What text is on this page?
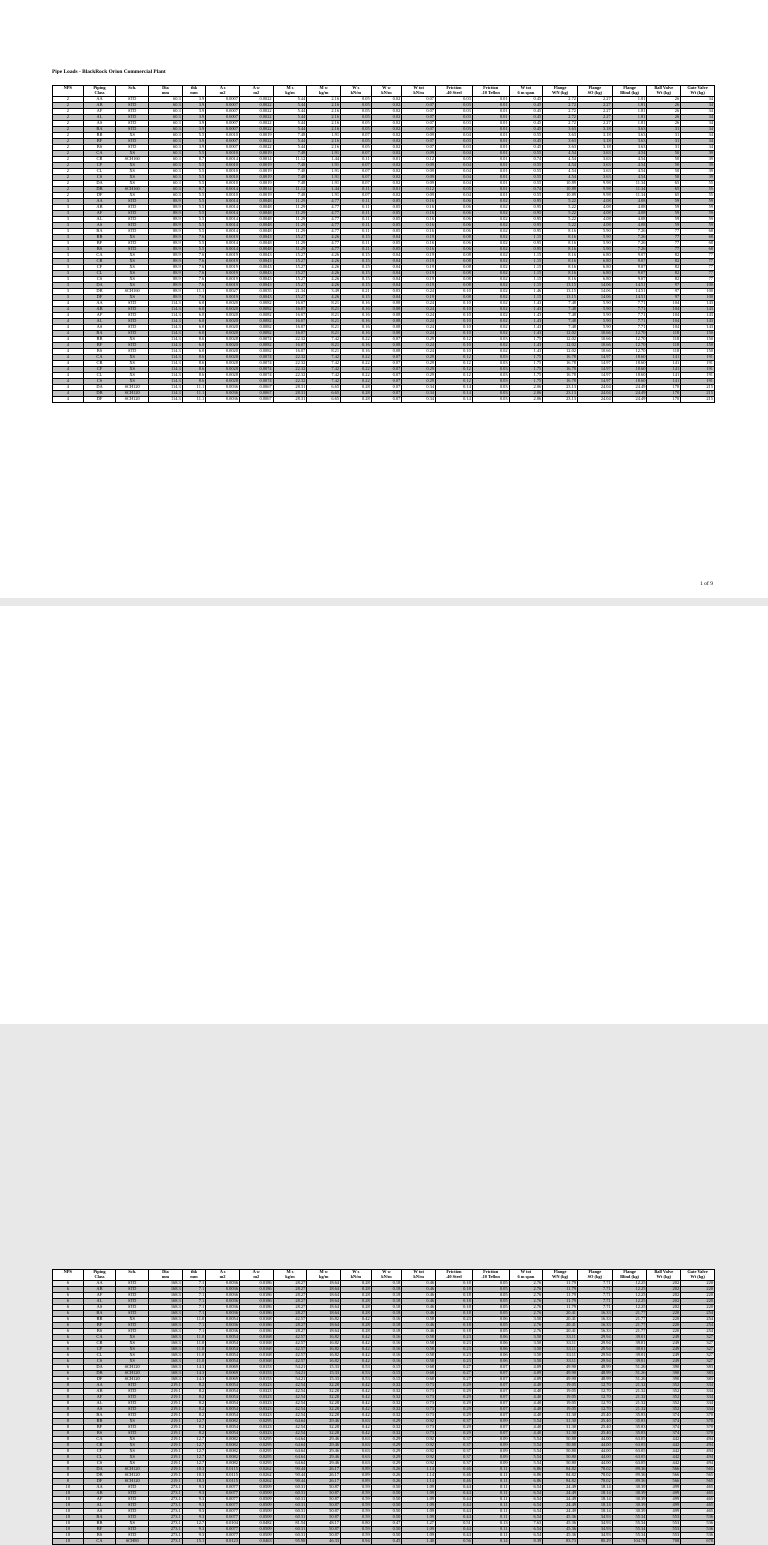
Pipe Loads - BlackRock Orion Commercial Plant
NPS	Piping	Sch.	Dia	thk	A s	A w	M s	M w	W s	W w	W tot	Friction	Friction	W tot	Flange	Flange	Flange	Ball Valve	Gate Valve
	Class		mm	mm	m2	m2	kg/m	kg/m	kN/m	kN/m	kN/m	.40 Steel	.10 Teflon	6 m span	WN (kg)	SO (kg)	Blind (kg)	Wt (kg)	Wt (kg)
2	AA	STD	60.3	3.9	0.0007	0.0022	5.44	2.16	0.05	0.02	0.07	0.03	0.01	0.45	2.72	2.27	1.81	26	34
2	AB	STD	60.3	3.9	0.0007	0.0022	5.44	2.16	0.05	0.02	0.07	0.03	0.01	0.45	2.72	2.27	1.81	26	34
2	AF	STD	60.3	3.9	0.0007	0.0022	5.44	2.16	0.05	0.02	0.07	0.03	0.01	0.45	2.72	2.27	1.81	26	34
2	AL	STD	60.3	3.9	0.0007	0.0022	5.44	2.16	0.05	0.02	0.07	0.03	0.01	0.45	2.72	2.27	1.81	26	34
2	AS	STD	60.3	3.9	0.0007	0.0022	5.44	2.16	0.05	0.02	0.07	0.03	0.01	0.45	2.72	2.27	1.81	26	34
2	BA	STD	60.3	3.9	0.0007	0.0022	5.44	2.16	0.05	0.02	0.07	0.03	0.01	0.45	3.63	3.18	3.63	31	34
2	BB	XS	60.3	5.5	0.0010	0.0019	7.48	1.91	0.07	0.02	0.09	0.04	0.01	0.55	3.63	3.18	3.63	31	34
2	BF	STD	60.3	3.9	0.0007	0.0022	5.44	2.16	0.05	0.02	0.07	0.03	0.01	0.45	3.63	3.18	3.63	31	34
2	BS	STD	60.3	3.9	0.0007	0.0022	5.44	2.16	0.05	0.02	0.07	0.03	0.01	0.45	3.63	3.18	3.63	31	34
2	CA	XS	60.3	5.5	0.0010	0.0019	7.48	1.91	0.07	0.02	0.09	0.04	0.01	0.55	4.54	3.63	4.54	50	39
2	CB	SCH160	60.3	8.7	0.0014	0.0014	11.12	1.44	0.11	0.01	0.12	0.05	0.01	0.74	4.54	3.63	4.54	50	39
2	CF	XS	60.3	5.5	0.0010	0.0019	7.48	1.91	0.07	0.02	0.09	0.04	0.01	0.55	4.54	3.63	4.54	50	39
2	CL	XS	60.3	5.5	0.0010	0.0019	7.48	1.91	0.07	0.02	0.09	0.04	0.01	0.55	4.54	3.63	4.54	50	39
2	CS	XS	60.3	5.5	0.0010	0.0019	7.48	1.91	0.07	0.02	0.09	0.04	0.01	0.55	4.54	3.63	4.54	50	39
2	DA	XS	60.3	5.5	0.0010	0.0019	7.48	1.91	0.07	0.02	0.09	0.04	0.01	0.55	10.89	9.98	11.34	65	55
2	DB	SCH160	60.3	8.7	0.0014	0.0014	11.12	1.44	0.11	0.01	0.12	0.05	0.01	0.74	10.89	9.98	11.34	65	55
2	DF	XS	60.3	5.5	0.0010	0.0019	7.48	1.91	0.07	0.02	0.09	0.04	0.01	0.55	10.89	9.98	11.34	65	55
3	AA	STD	88.9	5.5	0.0014	0.0048	11.29	4.77	0.11	0.05	0.16	0.06	0.02	0.95	5.22	4.08	4.08	59	59
3	AB	STD	88.9	5.5	0.0014	0.0048	11.29	4.77	0.11	0.05	0.16	0.06	0.02	0.95	5.22	4.08	4.08	59	59
3	AF	STD	88.9	5.5	0.0014	0.0048	11.29	4.77	0.11	0.05	0.16	0.06	0.02	0.95	5.22	4.08	4.08	59	59
3	AL	STD	88.9	5.5	0.0014	0.0048	11.29	4.77	0.11	0.05	0.16	0.06	0.02	0.95	5.22	4.08	4.08	59	59
3	AS	STD	88.9	5.5	0.0014	0.0048	11.29	4.77	0.11	0.05	0.16	0.06	0.02	0.95	5.22	4.08	4.08	59	59
3	BA	STD	88.9	5.5	0.0014	0.0048	11.29	4.77	0.11	0.05	0.16	0.06	0.02	0.95	8.16	5.90	7.26	77	68
3	BB	XS	88.9	7.6	0.0019	0.0043	15.27	4.26	0.15	0.04	0.19	0.08	0.02	1.15	8.16	5.90	7.26	77	68
3	BF	STD	88.9	5.5	0.0014	0.0048	11.29	4.77	0.11	0.05	0.16	0.06	0.02	0.95	8.16	5.90	7.26	77	68
3	BS	STD	88.9	5.5	0.0014	0.0048	11.29	4.77	0.11	0.05	0.16	0.06	0.02	0.95	8.16	5.90	7.26	77	68
3	CA	XS	88.9	7.6	0.0019	0.0043	15.27	4.26	0.15	0.04	0.19	0.08	0.02	1.15	8.16	6.80	9.07	82	77
3	CB	XS	88.9	7.6	0.0019	0.0043	15.27	4.26	0.15	0.04	0.19	0.08	0.02	1.15	8.16	6.80	9.07	82	77
3	CF	XS	88.9	7.6	0.0019	0.0043	15.27	4.26	0.15	0.04	0.19	0.08	0.02	1.15	8.16	6.80	9.07	82	77
3	CL	XS	88.9	7.6	0.0019	0.0043	15.27	4.26	0.15	0.04	0.19	0.08	0.02	1.15	8.16	6.80	9.07	82	77
3	CS	XS	88.9	7.6	0.0019	0.0043	15.27	4.26	0.15	0.04	0.19	0.08	0.02	1.15	8.16	6.80	9.07	82	77
3	DA	XS	88.9	7.6	0.0019	0.0043	15.27	4.26	0.15	0.04	0.19	0.08	0.02	1.15	13.15	14.06	14.51	97	100
3	DB	SCH160	88.9	11.1	0.0027	0.0035	21.34	3.49	0.21	0.03	0.24	0.10	0.02	1.46	13.15	14.06	14.51	97	100
3	DF	XS	88.9	7.6	0.0019	0.0043	15.27	4.26	0.15	0.04	0.19	0.08	0.02	1.15	13.15	14.06	14.51	97	100
4	AA	STD	114.3	6.0	0.0020	0.0082	16.07	8.21	0.16	0.08	0.24	0.10	0.02	1.43	7.48	5.90	7.71	104	143
4	AB	STD	114.3	6.0	0.0020	0.0082	16.07	8.21	0.16	0.08	0.24	0.10	0.02	1.43	7.48	5.90	7.71	104	143
4	AF	STD	114.3	6.0	0.0020	0.0082	16.07	8.21	0.16	0.08	0.24	0.10	0.02	1.43	7.48	5.90	7.71	104	143
4	AL	STD	114.3	6.0	0.0020	0.0082	16.07	8.21	0.16	0.08	0.24	0.10	0.02	1.43	7.48	5.90	7.71	104	143
4	AS	STD	114.3	6.0	0.0020	0.0082	16.07	8.21	0.16	0.08	0.24	0.10	0.02	1.43	7.48	5.90	7.71	104	143
4	BA	STD	114.3	6.0	0.0020	0.0082	16.07	8.21	0.16	0.08	0.24	0.10	0.02	1.43	12.02	10.66	12.70	118	150
4	BB	XS	114.3	8.6	0.0028	0.0074	22.32	7.42	0.22	0.07	0.29	0.12	0.03	1.75	12.02	10.66	12.70	118	150
4	BF	STD	114.3	6.0	0.0020	0.0082	16.07	8.21	0.16	0.08	0.24	0.10	0.02	1.43	12.02	10.66	12.70	118	150
4	BS	STD	114.3	6.0	0.0020	0.0082	16.07	8.21	0.16	0.08	0.24	0.10	0.02	1.43	12.02	10.66	12.70	118	150
4	CA	XS	114.3	8.6	0.0028	0.0074	22.32	7.42	0.22	0.07	0.29	0.12	0.03	1.75	16.78	14.97	18.60	141	191
4	CB	XS	114.3	8.6	0.0028	0.0074	22.32	7.42	0.22	0.07	0.29	0.12	0.03	1.75	16.78	14.97	18.60	141	191
4	CF	XS	114.3	8.6	0.0028	0.0074	22.32	7.42	0.22	0.07	0.29	0.12	0.03	1.75	16.78	14.97	18.60	141	191
4	CL	XS	114.3	8.6	0.0028	0.0074	22.32	7.42	0.22	0.07	0.29	0.12	0.03	1.75	16.78	14.97	18.60	141	191
4	CS	XS	114.3	8.6	0.0028	0.0074	22.32	7.42	0.22	0.07	0.29	0.12	0.03	1.75	16.78	14.97	18.60	141	191
4	DA	SCH120	114.3	11.1	0.0036	0.0067	28.31	6.65	0.28	0.07	0.34	0.14	0.03	2.06	23.13	24.04	24.49	170	215
4	DB	SCH120	114.3	11.1	0.0036	0.0067	28.31	6.65	0.28	0.07	0.34	0.14	0.03	2.06	23.13	24.04	24.49	170	215
4	DF	SCH120	114.3	11.1	0.0036	0.0067	28.31	6.65	0.28	0.07	0.34	0.14	0.03	2.06	23.13	24.04	24.49	170	215
1 of 9
NPS	Piping	Sch.	Dia	thk	A s	A w	M s	M w	W s	W w	W tot	Friction	Friction	W tot	Flange	Flange	Flange	Ball Valve	Gate Valve
	Class		mm	mm	m2	m2	kg/m	kg/m	kN/m	kN/m	kN/m	.40 Steel	.10 Teflon	6 m span	WN (kg)	SO (kg)	Blind (kg)	Wt (kg)	Wt (kg)
6	AA	STD	168.3	7.1	0.0036	0.0186	28.27	18.64	0.28	0.18	0.46	0.18	0.05	2.76	11.79	7.71	12.25	202	220
6	AB	STD	168.3	7.1	0.0036	0.0186	28.27	18.64	0.28	0.18	0.46	0.18	0.05	2.76	11.79	7.71	12.25	202	220
6	AF	STD	168.3	7.1	0.0036	0.0186	28.27	18.64	0.28	0.18	0.46	0.18	0.05	2.76	11.79	7.71	12.25	202	220
6	AL	STD	168.3	7.1	0.0036	0.0186	28.27	18.64	0.28	0.18	0.46	0.18	0.05	2.76	11.79	7.71	12.25	202	220
6	AS	STD	168.3	7.1	0.0036	0.0186	28.27	18.64	0.28	0.18	0.46	0.18	0.05	2.76	11.79	7.71	12.25	202	220
6	BA	STD	168.3	7.1	0.0036	0.0186	28.27	18.64	0.28	0.18	0.46	0.18	0.05	2.76	20.41	16.33	21.77	220	254
6	BB	XS	168.3	11.0	0.0054	0.0168	42.57	16.82	0.42	0.16	0.58	0.23	0.06	3.50	20.41	16.33	21.77	220	254
6	BF	STD	168.3	7.1	0.0036	0.0186	28.27	18.64	0.28	0.18	0.46	0.18	0.05	2.76	20.41	16.33	21.77	220	254
6	BS	STD	168.3	7.1	0.0036	0.0186	28.27	18.64	0.28	0.18	0.46	0.18	0.05	2.76	20.41	16.33	21.77	220	254
6	CA	XS	168.3	11.0	0.0054	0.0168	42.57	16.82	0.42	0.16	0.58	0.23	0.06	3.50	33.11	29.94	39.01	249	327
6	CB	XS	168.3	11.0	0.0054	0.0168	42.57	16.82	0.42	0.16	0.58	0.23	0.06	3.50	33.11	29.94	39.01	249	327
6	CF	XS	168.3	11.0	0.0054	0.0168	42.57	16.82	0.42	0.16	0.58	0.23	0.06	3.50	33.11	29.94	39.01	249	327
6	CL	XS	168.3	11.0	0.0054	0.0168	42.57	16.82	0.42	0.16	0.58	0.23	0.06	3.50	33.11	29.94	39.01	249	327
6	CS	XS	168.3	11.0	0.0054	0.0168	42.57	16.82	0.42	0.16	0.58	0.23	0.06	3.50	33.11	29.94	39.01	249	327
6	DA	SCH120	168.3	14.3	0.0069	0.0153	54.21	15.33	0.53	0.15	0.68	0.27	0.07	4.09	49.90	48.99	51.26	390	383
6	DB	SCH120	168.3	14.3	0.0069	0.0153	54.21	15.33	0.53	0.15	0.68	0.27	0.07	4.09	49.90	48.99	51.26	390	383
6	DF	SCH120	168.3	14.3	0.0069	0.0153	54.21	15.33	0.53	0.15	0.68	0.27	0.07	4.09	49.90	48.99	51.26	390	383
8	AA	STD	219.1	8.2	0.0054	0.0323	42.54	32.28	0.42	0.32	0.73	0.29	0.07	4.40	19.05	12.70	21.32	352	334
8	AB	STD	219.1	8.2	0.0054	0.0323	42.54	32.28	0.42	0.32	0.73	0.29	0.07	4.40	19.05	12.70	21.32	352	334
8	AF	STD	219.1	8.2	0.0054	0.0323	42.54	32.28	0.42	0.32	0.73	0.29	0.07	4.40	19.05	12.70	21.32	352	334
8	AL	STD	219.1	8.2	0.0054	0.0323	42.54	32.28	0.42	0.32	0.73	0.29	0.07	4.40	19.05	12.70	21.32	352	334
8	AS	STD	219.1	8.2	0.0054	0.0323	42.54	32.28	0.42	0.32	0.73	0.29	0.07	4.40	19.05	12.70	21.32	352	334
8	BA	STD	219.1	8.2	0.0054	0.0323	42.54	32.28	0.42	0.32	0.73	0.29	0.07	4.40	31.30	25.40	35.83	374	370
8	BB	XS	219.1	12.7	0.0082	0.0295	64.64	29.46	0.63	0.29	0.92	0.37	0.09	5.54	31.30	25.40	35.83	374	370
8	BF	STD	219.1	8.2	0.0054	0.0323	42.54	32.28	0.42	0.32	0.73	0.29	0.07	4.40	31.30	25.40	35.83	374	370
8	BS	STD	219.1	8.2	0.0054	0.0323	42.54	32.28	0.42	0.32	0.73	0.29	0.07	4.40	31.30	25.40	35.83	374	370
8	CA	XS	219.1	12.7	0.0082	0.0295	64.64	29.46	0.63	0.29	0.92	0.37	0.09	5.54	50.80	44.00	63.05	442	494
8	CB	XS	219.1	12.7	0.0082	0.0295	64.64	29.46	0.63	0.29	0.92	0.37	0.09	5.54	50.80	44.00	63.05	442	494
8	CF	XS	219.1	12.7	0.0082	0.0295	64.64	29.46	0.63	0.29	0.92	0.37	0.09	5.54	50.80	44.00	63.05	442	494
8	CL	XS	219.1	12.7	0.0082	0.0295	64.64	29.46	0.63	0.29	0.92	0.37	0.09	5.54	50.80	44.00	63.05	442	494
8	CS	XS	219.1	12.7	0.0082	0.0295	64.64	29.46	0.63	0.29	0.92	0.37	0.09	5.54	50.80	44.00	63.05	442	494
8	DA	SCH120	219.1	18.3	0.0115	0.0262	90.44	26.17	0.89	0.26	1.14	0.46	0.11	6.86	84.82	78.02	89.36	566	565
8	DB	SCH120	219.1	18.3	0.0115	0.0262	90.44	26.17	0.89	0.26	1.14	0.46	0.11	6.86	84.82	78.02	89.36	566	565
8	DF	SCH120	219.1	18.3	0.0115	0.0262	90.44	26.17	0.89	0.26	1.14	0.46	0.11	6.86	84.82	78.02	89.36	566	565
10	AA	STD	273.1	9.3	0.0077	0.0509	60.31	50.87	0.59	0.50	1.09	0.44	0.11	6.54	24.49	18.14	30.39	499	465
10	AB	STD	273.1	9.3	0.0077	0.0509	60.31	50.87	0.59	0.50	1.09	0.44	0.11	6.54	24.49	18.14	30.39	499	465
10	AF	STD	273.1	9.3	0.0077	0.0509	60.31	50.87	0.59	0.50	1.09	0.44	0.11	6.54	24.49	18.14	30.39	499	465
10	AL	STD	273.1	9.3	0.0077	0.0509	60.31	50.87	0.59	0.50	1.09	0.44	0.11	6.54	24.49	18.14	30.39	499	465
10	AS	STD	273.1	9.3	0.0077	0.0509	60.31	50.87	0.59	0.50	1.09	0.44	0.11	6.54	24.49	18.14	30.39	499	465
10	BA	STD	273.1	9.3	0.0077	0.0509	60.31	50.87	0.59	0.50	1.09	0.44	0.11	6.54	45.36	34.93	55.34	553	536
10	BB	XS	273.1	12.7	0.0104	0.0482	81.54	48.17	0.80	0.47	1.27	0.51	0.13	7.63	45.36	34.93	55.34	553	536
10	BF	STD	273.1	9.3	0.0077	0.0509	60.31	50.87	0.59	0.50	1.09	0.44	0.11	6.54	45.36	34.93	55.34	553	536
10	BS	STD	273.1	9.3	0.0077	0.0509	60.31	50.87	0.59	0.50	1.09	0.44	0.11	6.54	45.36	34.93	55.34	553	536
10	CA	SCH80	273.1	15.1	0.0123	0.0463	95.98	46.33	0.94	0.45	1.40	0.56	0.14	8.39	83.73	80.29	104.78	708	678
